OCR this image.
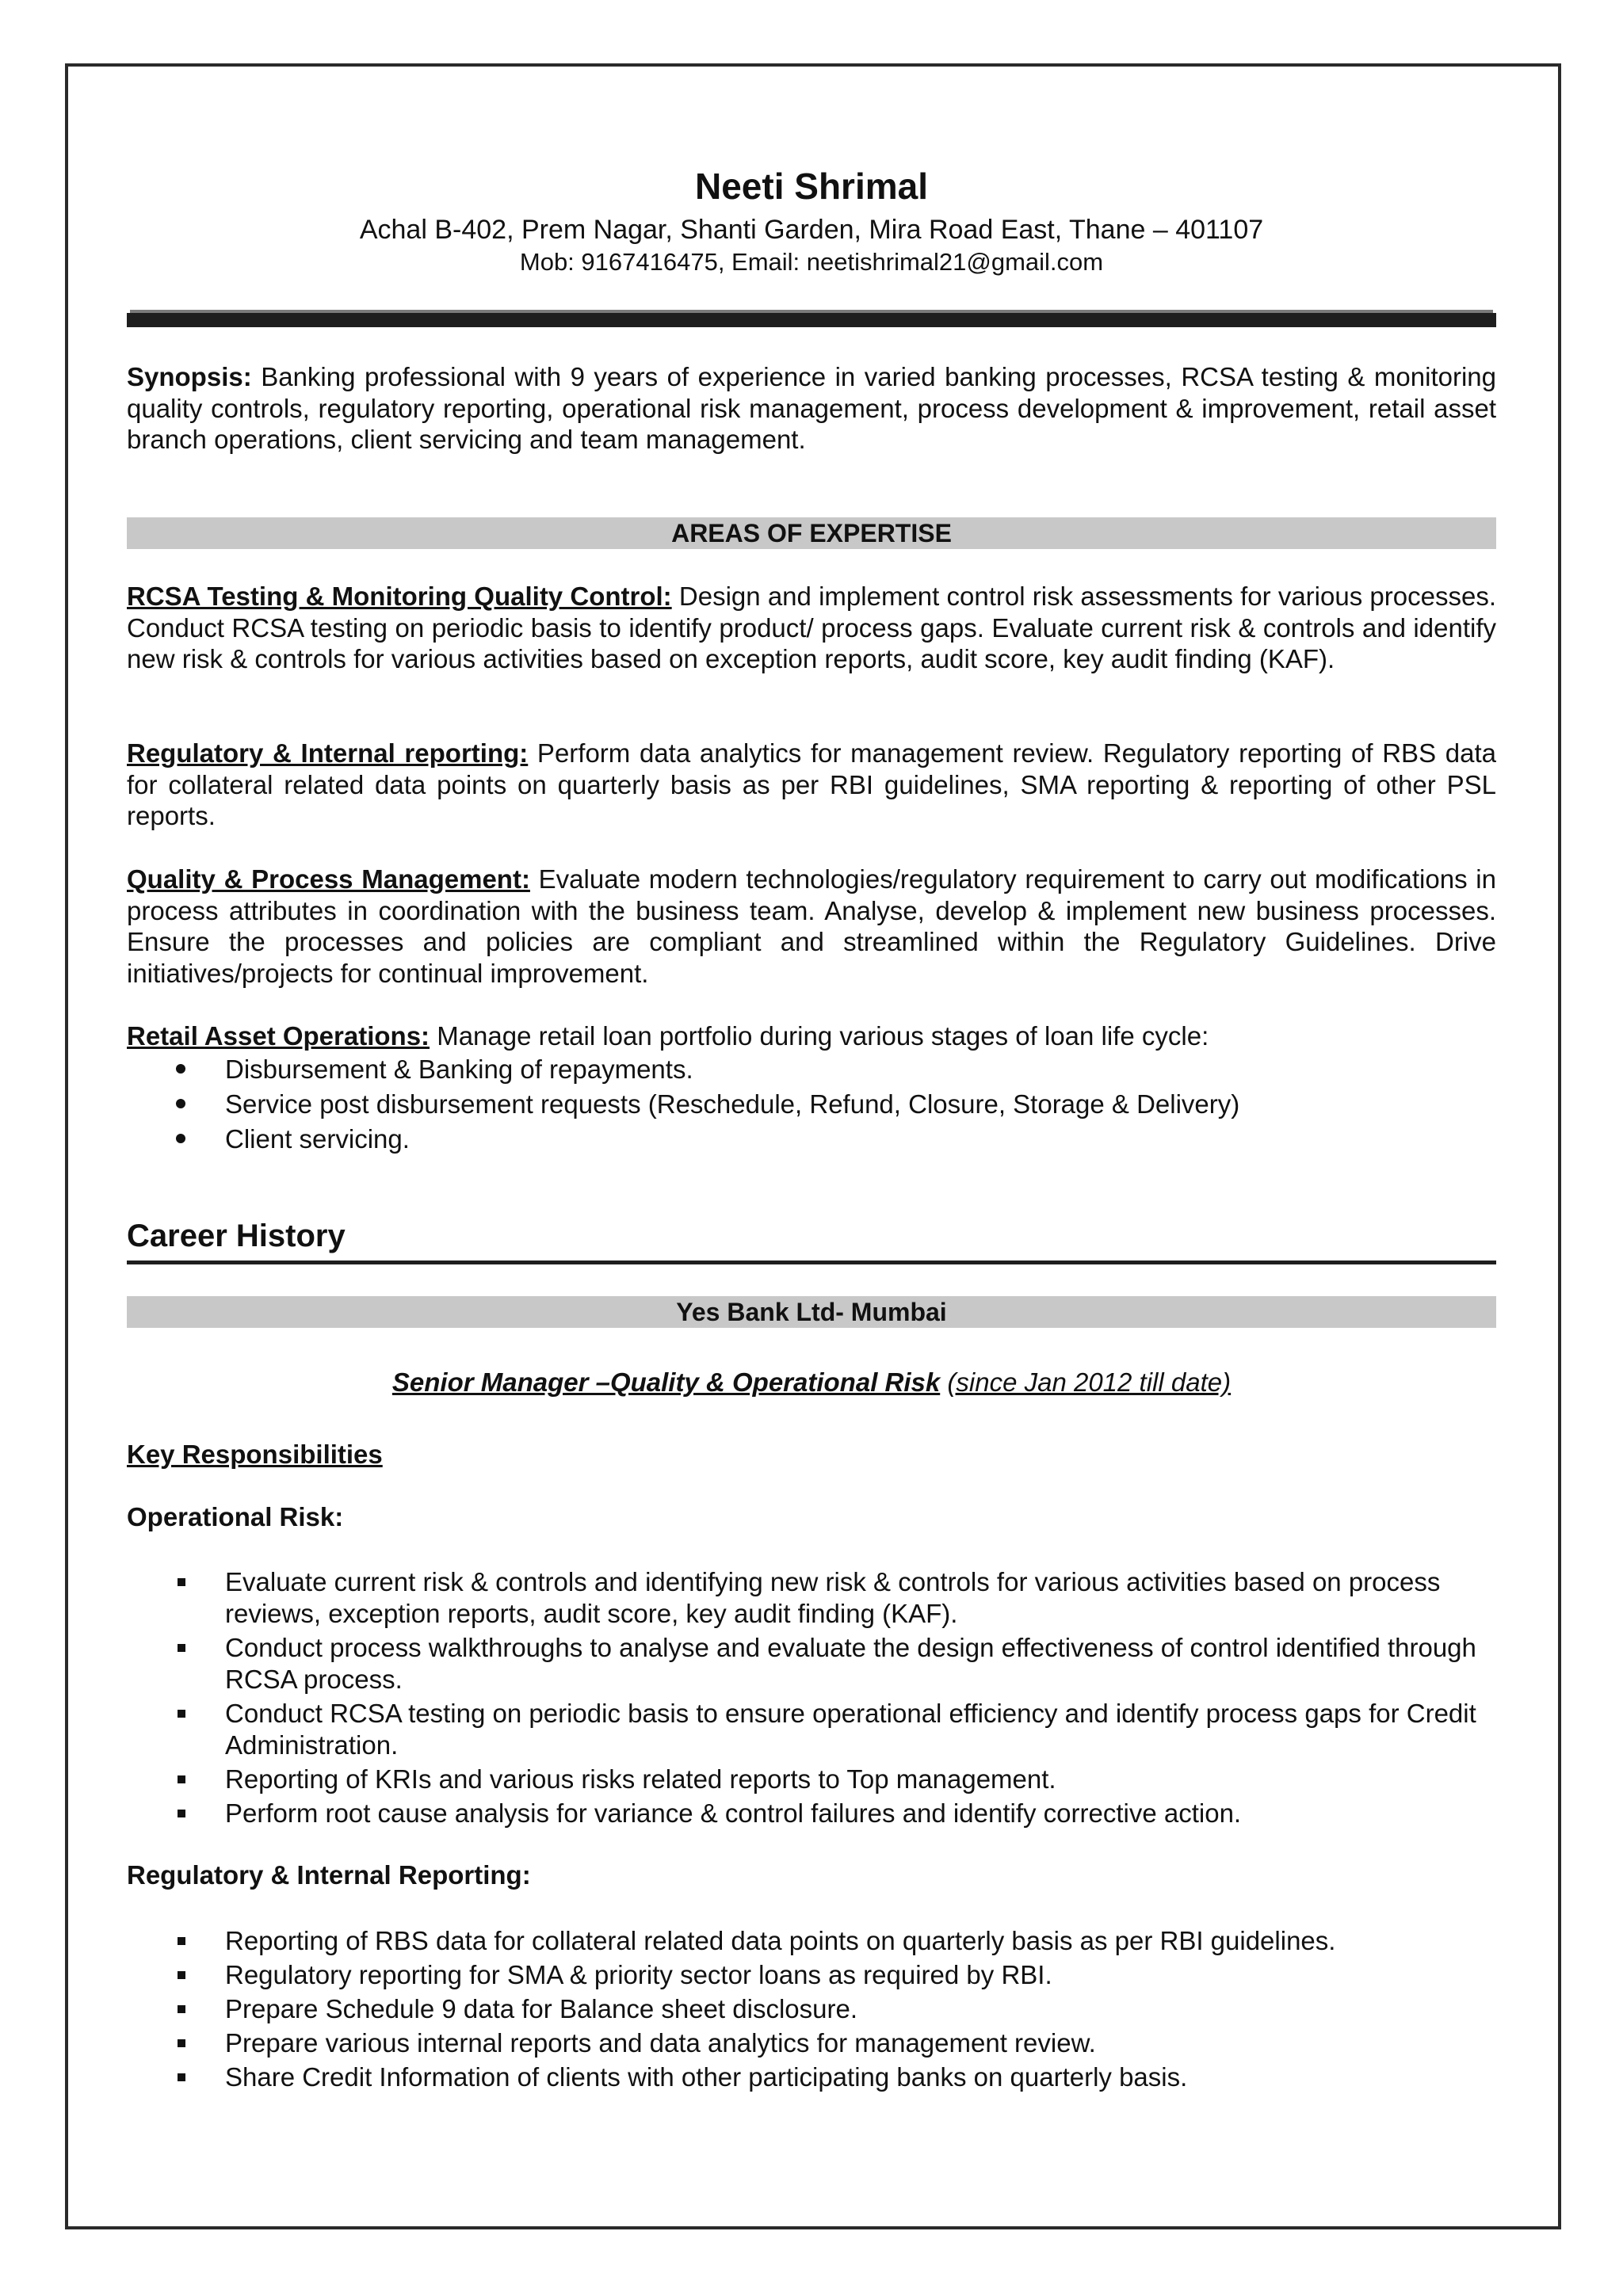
Neeti Shrimal
Achal B-402, Prem Nagar, Shanti Garden, Mira Road East, Thane – 401107
Mob: 9167416475, Email: neetishrimal21@gmail.com
Synopsis: Banking professional with 9 years of experience in varied banking processes, RCSA testing & monitoring quality controls, regulatory reporting, operational risk management, process development & improvement, retail asset branch operations, client servicing and team management.
AREAS OF EXPERTISE
RCSA Testing & Monitoring Quality Control: Design and implement control risk assessments for various processes. Conduct RCSA testing on periodic basis to identify product/ process gaps. Evaluate current risk & controls and identify new risk & controls for various activities based on exception reports, audit score, key audit finding (KAF).
Regulatory & Internal reporting: Perform data analytics for management review. Regulatory reporting of RBS data for collateral related data points on quarterly basis as per RBI guidelines, SMA reporting & reporting of other PSL reports.
Quality & Process Management: Evaluate modern technologies/regulatory requirement to carry out modifications in process attributes in coordination with the business team. Analyse, develop & implement new business processes. Ensure the processes and policies are compliant and streamlined within the Regulatory Guidelines. Drive initiatives/projects for continual improvement.
Retail Asset Operations: Manage retail loan portfolio during various stages of loan life cycle:
Disbursement & Banking of repayments.
Service post disbursement requests (Reschedule, Refund, Closure, Storage & Delivery)
Client servicing.
Career History
Yes Bank Ltd- Mumbai
Senior Manager –Quality & Operational Risk (since Jan 2012 till date)
Key Responsibilities
Operational Risk:
Evaluate current risk & controls and identifying new risk & controls for various activities based on process reviews, exception reports, audit score, key audit finding (KAF).
Conduct process walkthroughs to analyse and evaluate the design effectiveness of control identified through RCSA process.
Conduct RCSA testing on periodic basis to ensure operational efficiency and identify process gaps for Credit Administration.
Reporting of KRIs and various risks related reports to Top management.
Perform root cause analysis for variance & control failures and identify corrective action.
Regulatory & Internal Reporting:
Reporting of RBS data for collateral related data points on quarterly basis as per RBI guidelines.
Regulatory reporting for SMA & priority sector loans as required by RBI.
Prepare Schedule 9 data for Balance sheet disclosure.
Prepare various internal reports and data analytics for management review.
Share Credit Information of clients with other participating banks on quarterly basis.
